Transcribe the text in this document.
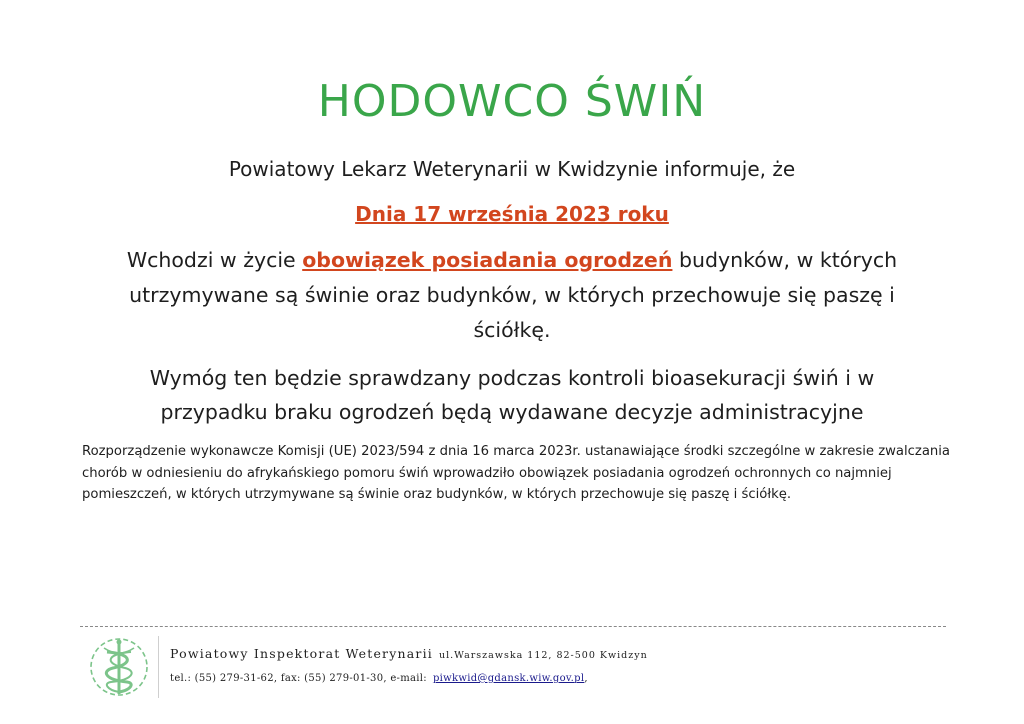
HODOWCO ŚWIŃ
Powiatowy Lekarz Weterynarii w Kwidzynie informuje, że
Dnia 17 września 2023 roku
Wchodzi w życie obowiązek posiadania ogrodzeń budynków, w których utrzymywane są świnie oraz budynków, w których przechowuje się paszę i ściółkę.
Wymóg ten będzie sprawdzany podczas kontroli bioasekuracji świń i w przypadku braku ogrodzeń będą wydawane decyzje administracyjne
Rozporządzenie wykonawcze Komisji (UE) 2023/594 z dnia 16 marca 2023r. ustanawiające środki szczególne w zakresie zwalczania chorób w odniesieniu do afrykańskiego pomoru świń wprowadziło obowiązek posiadania ogrodzeń ochronnych co najmniej pomieszczeń, w których utrzymywane są świnie oraz budynków, w których przechowuje się paszę i ściółkę.
Powiatowy Inspektorat Weterynarii ul.Warszawska 112, 82-500 Kwidzyn
tel.: (55) 279-31-62, fax: (55) 279-01-30, e-mail: piwkwid@gdansk.wiw.gov.pl,
